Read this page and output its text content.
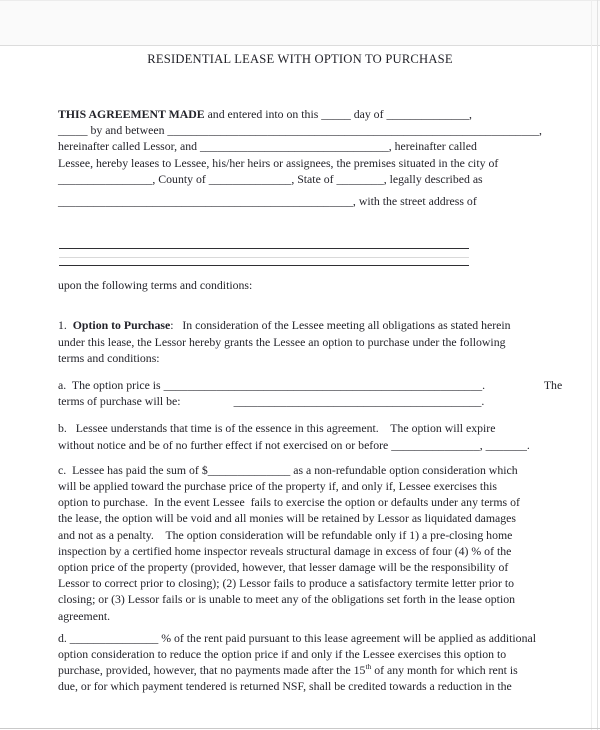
RESIDENTIAL LEASE WITH OPTION TO PURCHASE
THIS AGREEMENT MADE and entered into on this _____ day of ______________,
_____ by and between _______________________________________________________________,
hereinafter called Lessor, and ________________________________, hereinafter called
Lessee, hereby leases to Lessee, his/her heirs or assignees, the premises situated in the city of
________________, County of ______________, State of ________, legally described as
__________________________________________________, with the street address of
upon the following terms and conditions:
1.  Option to Purchase:   In consideration of the Lessee meeting all obligations as stated herein
under this lease, the Lessor hereby grants the Lessee an option to purchase under the following
terms and conditions:
a.  The option price is ______________________________________________________.                    The
terms of purchase will be:                  __________________________________________.
b.   Lessee understands that time is of the essence in this agreement.    The option will expire
without notice and be of no further effect if not exercised on or before _______________, _______.
c.  Lessee has paid the sum of $______________ as a non-refundable option consideration which
will be applied toward the purchase price of the property if, and only if, Lessee exercises this
option to purchase.  In the event Lessee  fails to exercise the option or defaults under any terms of
the lease, the option will be void and all monies will be retained by Lessor as liquidated damages
and not as a penalty.    The option consideration will be refundable only if 1) a pre-closing home
inspection by a certified home inspector reveals structural damage in excess of four (4) % of the
option price of the property (provided, however, that lesser damage will be the responsibility of
Lessor to correct prior to closing); (2) Lessor fails to produce a satisfactory termite letter prior to
closing; or (3) Lessor fails or is unable to meet any of the obligations set forth in the lease option
agreement.
d. _______________ % of the rent paid pursuant to this lease agreement will be applied as additional
option consideration to reduce the option price if and only if the Lessee exercises this option to
purchase, provided, however, that no payments made after the 15th of any month for which rent is
due, or for which payment tendered is returned NSF, shall be credited towards a reduction in the
